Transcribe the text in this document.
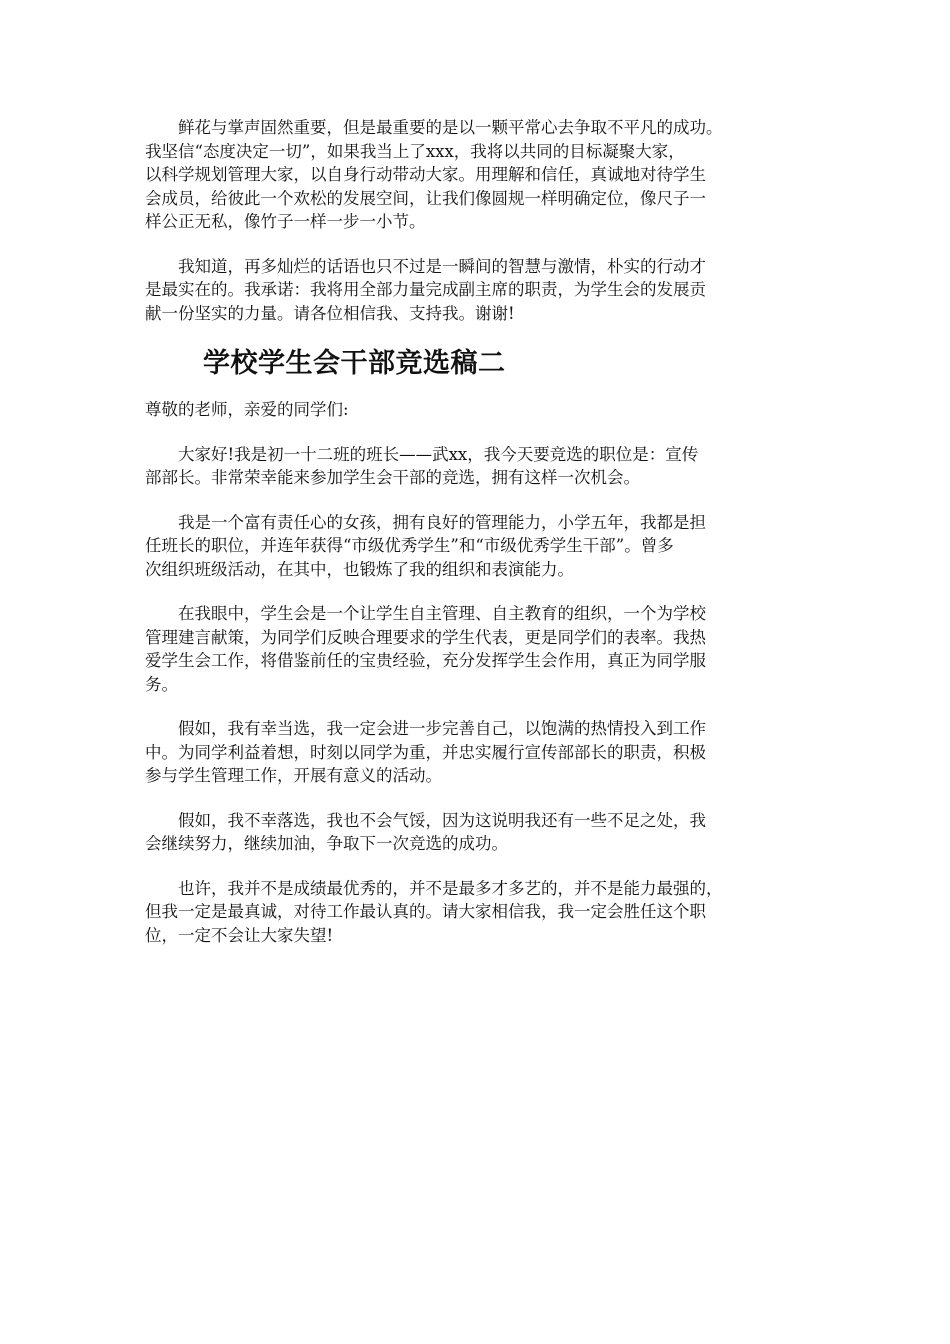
鲜花与掌声固然重要，但是最重要的是以一颗平常心去争取不平凡的成功。
我坚信“态度决定一切”，如果我当上了xxx，我将以共同的目标凝聚大家，
以科学规划管理大家，以自身行动带动大家。用理解和信任，真诚地对待学生
会成员，给彼此一个欢松的发展空间，让我们像圆规一样明确定位，像尺子一
样公正无私，像竹子一样一步一小节。
我知道，再多灿烂的话语也只不过是一瞬间的智慧与激情，朴实的行动才
是最实在的。我承诺：我将用全部力量完成副主席的职责，为学生会的发展贡
献一份坚实的力量。请各位相信我、支持我。谢谢!
学校学生会干部竞选稿二
尊敬的老师，亲爱的同学们:
大家好!我是初一十二班的班长——武xx，我今天要竞选的职位是：宣传
部部长。非常荣幸能来参加学生会干部的竞选，拥有这样一次机会。
我是一个富有责任心的女孩，拥有良好的管理能力，小学五年，我都是担
任班长的职位，并连年获得“市级优秀学生”和“市级优秀学生干部”。曾多
次组织班级活动，在其中，也锻炼了我的组织和表演能力。
在我眼中，学生会是一个让学生自主管理、自主教育的组织，一个为学校
管理建言献策，为同学们反映合理要求的学生代表，更是同学们的表率。我热
爱学生会工作，将借鉴前任的宝贵经验，充分发挥学生会作用，真正为同学服
务。
假如，我有幸当选，我一定会进一步完善自己，以饱满的热情投入到工作
中。为同学利益着想，时刻以同学为重，并忠实履行宣传部部长的职责，积极
参与学生管理工作，开展有意义的活动。
假如，我不幸落选，我也不会气馁，因为这说明我还有一些不足之处，我
会继续努力，继续加油，争取下一次竞选的成功。
也许，我并不是成绩最优秀的，并不是最多才多艺的，并不是能力最强的，
但我一定是最真诚，对待工作最认真的。请大家相信我，我一定会胜任这个职
位，一定不会让大家失望!
